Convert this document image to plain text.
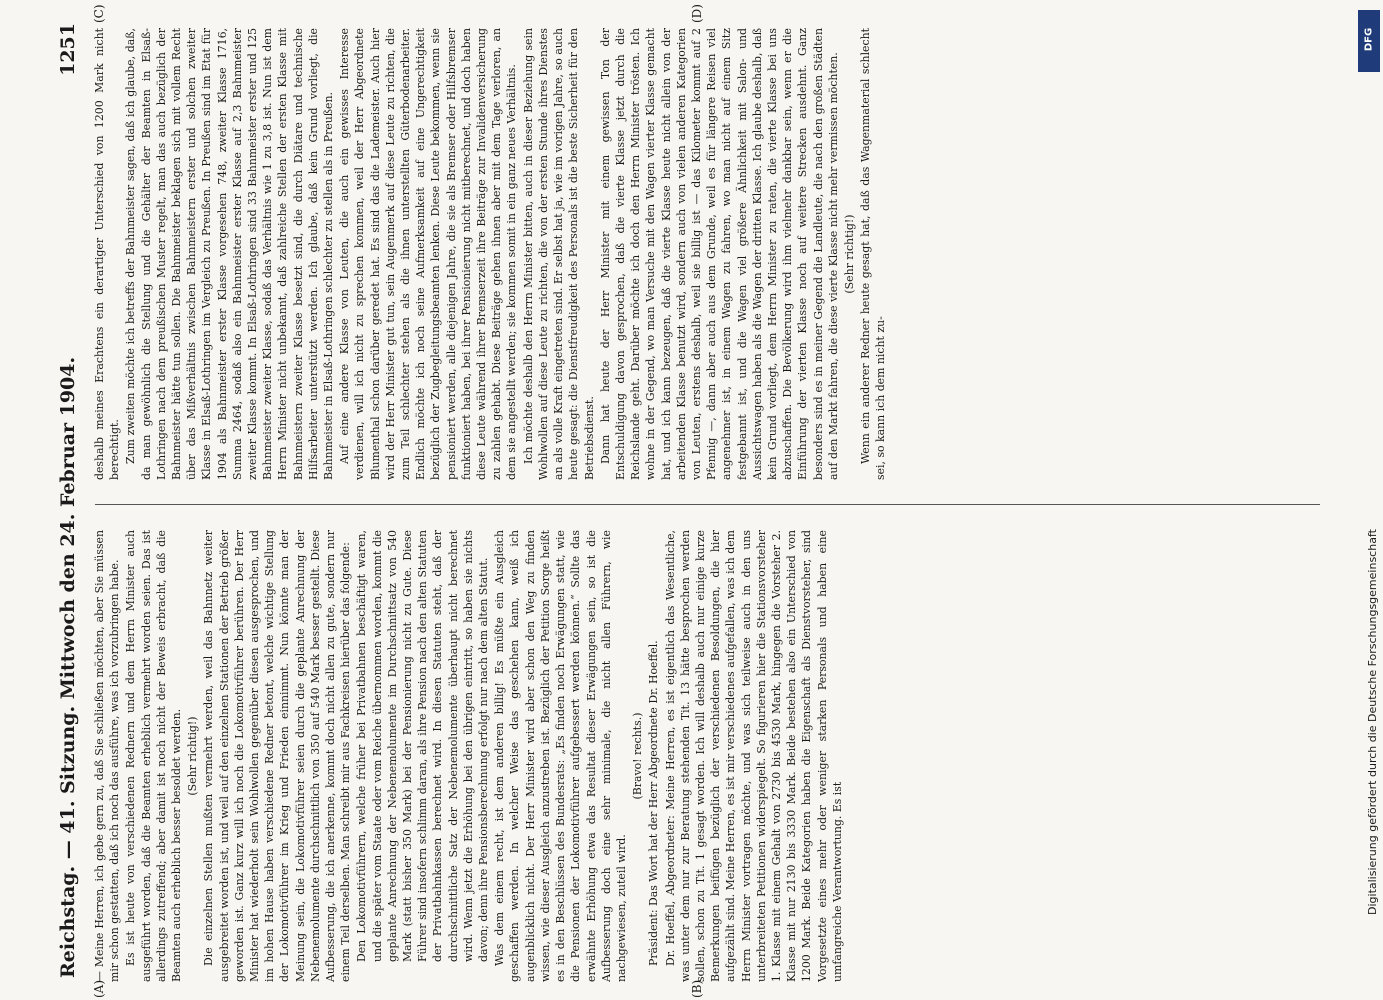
Reichstag. — 41. Sitzung. Mittwoch den 24. Februar 1904.
1251
(A)	(B)
(C)	(D)

— Meine Herren, ich gebe gern zu, daß Sie schließen möchten, aber Sie müssen mir schon gestatten, daß ich noch das ausführe, was ich vorzubringen habe. Es ist heute von verschiedenen Rednern und dem Herrn Minister auch ausgeführt worden, daß die Beamten erheblich vermehrt worden seien. Das ist allerdings zutreffend; aber damit ist noch nicht der Beweis erbracht, daß die Beamten auch erheblich besser besoldet werden. (Sehr richtig!) Die einzelnen Stellen mußten vermehrt werden, weil das Bahnnetz weiter ausgebreitet worden ist, und weil auf den einzelnen Stationen der Betrieb größer geworden ist. Ganz kurz will ich noch die Lokomotivführer berühren. Der Herr Minister hat wiederholt sein Wohlwollen gegenüber diesen ausgesprochen, und im hohen Hause haben verschiedene Redner betont, welche wichtige Stellung der Lokomotivführer im Krieg und Frieden einnimmt. Nun könnte man der Meinung sein, die Lokomotivführer seien durch die geplante Anrechnung der Nebenemolumente durchschnittlich von 350 auf 540 Mark besser gestellt. Diese Aufbesserung, die ich anerkenne, kommt doch nicht allen zu gute, sondern nur einem Teil derselben. Man schreibt mir aus Fachkreisen hierüber das folgende: Den Lokomotivführern, welche früher bei Privatbahnen beschäftigt waren, und die später vom Staate oder vom Reiche übernommen worden, kommt die geplante Anrechnung der Nebenemolumente im Durchschnittsatz von 540 Mark (statt bisher 350 Mark) bei der Pensionierung nicht zu Gute. Diese Führer sind insofern schlimm daran, als ihre Pension nach den alten Statuten der Privatbahnkassen berechnet wird. In diesen Statuten steht, daß der durchschnittliche Satz der Nebenemolumente überhaupt nicht berechnet wird. Wenn jetzt die Erhöhung bei den übrigen eintritt, so haben sie nichts davon; denn ihre Pensionsberechnung erfolgt nur nach dem alten Statut. Was dem einem recht, ist dem anderen billig! Es müßte ein Ausgleich geschaffen werden. In welcher Weise das geschehen kann, weiß ich augenblicklich nicht. Der Herr Minister wird aber schon den Weg zu finden wissen, wie dieser Ausgleich anzustreben ist. Bezüglich der Petition Sorge heißt es in den Beschlüssen des Bundesrats: „Es finden noch Erwägungen statt, wie die Pensionen der Lokomotivführer aufgebessert werden können.“ Sollte das erwähnte Erhöhung etwa das Resultat dieser Erwägungen sein, so ist die Aufbesserung doch eine sehr minimale, die nicht allen Führern, wie nachgewiesen, zuteil wird.

(Bravo! rechts.) Präsident: Das Wort hat der Herr Abgeordnete Dr. Hoeffel. Dr. Hoeffel, Abgeordneter: Meine Herren, es ist eigentlich das Wesentliche, was unter dem nur zur Beratung stehenden Tit. 13 hätte besprochen werden sollen, schon zu Tit. 1 gesagt worden. Ich will deshalb auch nur einige kurze Bemerkungen beifügen bezüglich der verschiedenen Besoldungen, die hier aufgezählt sind. Meine Herren, es ist mir verschiedenes aufgefallen, was ich dem Herrn Minister vortragen möchte, und was sich teilweise auch in den uns unterbreiteten Petitionen widerspiegelt. So figurieren hier die Stationsvorsteher 1. Klasse mit einem Gehalt von 2730 bis 4530 Mark, hingegen die Vorsteher 2. Klasse mit nur 2130 bis 3330 Mark. Beide bestehen also ein Unterschied von 1200 Mark. Beide Kategorien haben die Eigenschaft als Dienstvorsteher, sind Vorgesetzte eines mehr oder weniger starken Personals und haben eine umfangreiche Verantwortung. Es ist

deshalb meines Erachtens ein derartiger Unterschied von 1200 Mark nicht berechtigt. Zum zweiten möchte ich betreffs der Bahnmeister sagen, daß ich glaube, daß, da man gewöhnlich die Stellung und die Gehälter der Beamten in Elsaß-Lothringen nach dem preußischen Muster regelt, man das auch bezüglich der Bahnmeister hätte tun sollen. Die Bahnmeister beklagen sich mit vollem Recht über das Mißverhältnis zwischen Bahnmeistern erster und solchen zweiter Klasse in Elsaß-Lothringen im Vergleich zu Preußen. In Preußen sind im Etat für 1904 als Bahnmeister erster Klasse vorgesehen 748, zweiter Klasse 1716, Summa 2464, sodaß also ein Bahnmeister erster Klasse auf 2,3 Bahnmeister zweiter Klasse kommt. In Elsaß-Lothringen sind 33 Bahnmeister erster und 125 Bahnmeister zweiter Klasse, sodaß das Verhältnis wie 1 zu 3,8 ist. Nun ist dem Herrn Minister nicht unbekannt, daß zahlreiche Stellen der ersten Klasse mit Bahnmeistern zweiter Klasse besetzt sind, die durch Diätare und technische Hilfsarbeiter unterstützt werden. Ich glaube, daß kein Grund vorliegt, die Bahnmeister in Elsaß-Lothringen schlechter zu stellen als in Preußen. Auf eine andere Klasse von Leuten, die auch ein gewisses Interesse verdienen, will ich nicht zu sprechen kommen, weil der Herr Abgeordnete Blumenthal schon darüber geredet hat. Es sind das die Lademeister. Auch hier wird der Herr Minister gut tun, sein Augenmerk auf diese Leute zu richten, die zum Teil schlechter stehen als die ihnen unterstellten Güterbodenarbeiter. Endlich möchte ich noch seine Aufmerksamkeit auf eine Ungerechtigkeit bezüglich der Zugbegleitungsbeamten lenken. Diese Leute bekommen, wenn sie pensioniert werden, alle diejenigen Jahre, die sie als Bremser oder Hilfsbremser funktioniert haben, bei ihrer Pensionierung nicht mitberechnet, und doch haben diese Leute während ihrer Bremserzeit ihre Beiträge zur Invalidenversicherung zu zahlen gehabt. Diese Beiträge gehen ihnen aber mit dem Tage verloren, an dem sie angestellt werden; sie kommen somit in ein ganz neues Verhältnis. Ich möchte deshalb den Herrn Minister bitten, auch in dieser Beziehung sein Wohlwollen auf diese Leute zu richten, die von der ersten Stunde ihres Dienstes an als volle Kraft eingetreten sind. Er selbst hat ja, wie im vorigen Jahre, so auch heute gesagt: die Dienstfreudigkeit des Personals ist die beste Sicherheit für den Betriebsdienst. Dann hat heute der Herr Minister mit einem gewissen Ton der Entschuldigung davon gesprochen, daß die vierte Klasse jetzt durch die Reichslande geht. Darüber möchte ich doch den Herrn Minister trösten. Ich wohne in der Gegend, wo man Versuche mit den Wagen vierter Klasse gemacht hat, und ich kann bezeugen, daß die vierte Klasse heute nicht allein von der arbeitenden Klasse benutzt wird, sondern auch von vielen anderen Kategorien von Leuten, erstens deshalb, weil sie billig ist — das Kilometer kommt auf 2 Pfennig —, dann aber auch aus dem Grunde, weil es für längere Reisen viel angenehmer ist, in einem Wagen zu fahren, wo man nicht auf einem Sitz festgebannt ist, und die Wagen viel größere Ähnlichkeit mit Salon- und Aussichtswagen haben als die Wagen der dritten Klasse. Ich glaube deshalb, daß kein Grund vorliegt, dem Herrn Minister zu raten, die vierte Klasse bei uns abzuschaffen. Die Bevölkerung wird ihm vielmehr dankbar sein, wenn er die Einführung der vierten Klasse noch auf weitere Strecken ausdehnt. Ganz besonders sind es in meiner Gegend die Landleute, die nach den großen Städten auf den Markt fahren, die diese vierte Klasse nicht mehr vermissen möchten. (Sehr richtig!) Wenn ein anderer Redner heute gesagt hat, daß das Wagenmaterial schlecht sei, so kann ich dem nicht zu-

DFG
Digitalisierung gefördert durch die Deutsche Forschungsgemeinschaft
